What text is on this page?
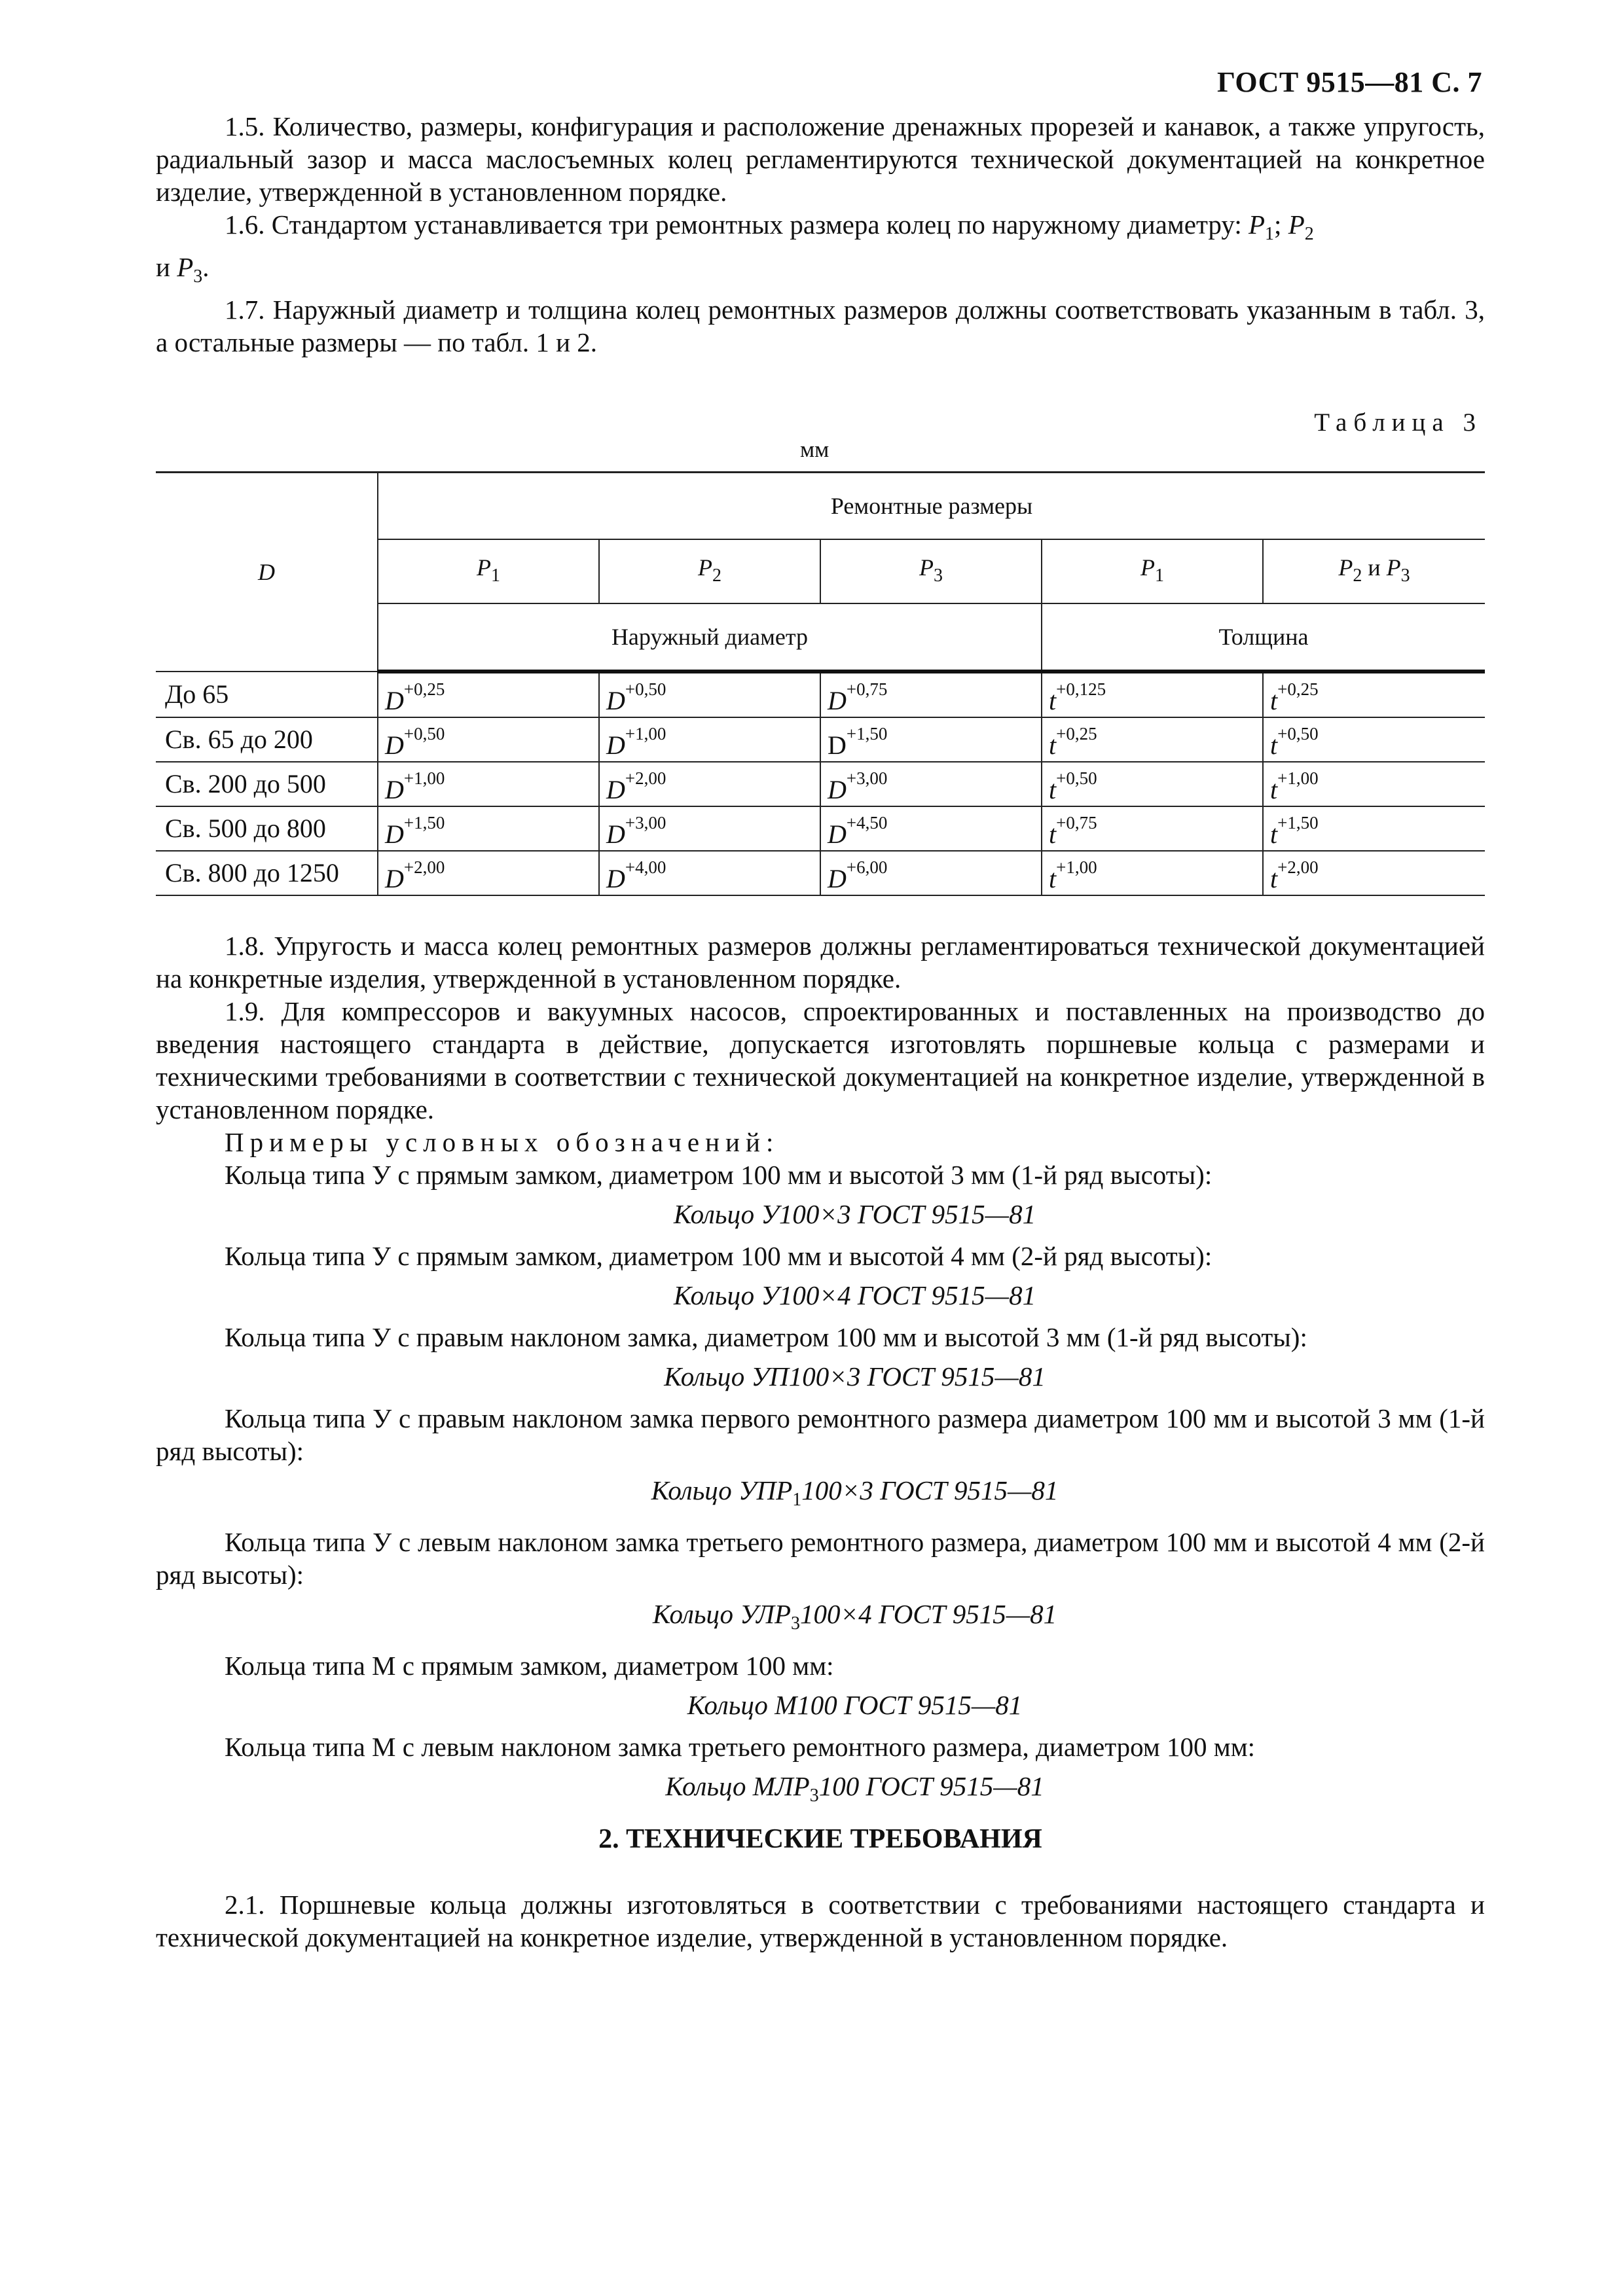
ГОСТ 9515—81 С. 7

1.5. Количество, размеры, конфигурация и расположение дренажных прорезей и канавок, а также упругость, радиальный зазор и масса маслосъемных колец регламентируются технической документацией на конкретное изделие, утвержденной в установленном порядке.

1.6. Стандартом устанавливается три ремонтных размера колец по наружному диаметру: $P_1$; $P_2$

и $P_3$.

1.7. Наружный диаметр и толщина колец ремонтных размеров должны соответствовать указанным в табл. 3, а остальные размеры — по табл. 1 и 2.

Таблица 3
мм
D	Ремонтные размеры				
	$P_1$	$P_2$	$P_3$	$P_1$	$P_2$ и $P_3$
	Наружный диаметр			Толщина	
До 65	$D^{+0,25}$	$D^{+0,50}$	$D^{+0,75}$	$t^{+0,125}$	$t^{+0,25}$
Св. 65 до 200	$D^{+0,50}$	$D^{+1,00}$	$D^{+1,50}$	$t^{+0,25}$	$t^{+0,50}$
Св. 200 до 500	$D^{+1,00}$	$D^{+2,00}$	$D^{+3,00}$	$t^{+0,50}$	$t^{+1,00}$
Св. 500 до 800	$D^{+1,50}$	$D^{+3,00}$	$D^{+4,50}$	$t^{+0,75}$	$t^{+1,50}$
Св. 800 до 1250	$D^{+2,00}$	$D^{+4,00}$	$D^{+6,00}$	$t^{+1,00}$	$t^{+2,00}$

1.8. Упругость и масса колец ремонтных размеров должны регламентироваться технической документацией на конкретные изделия, утвержденной в установленном порядке.

1.9. Для компрессоров и вакуумных насосов, спроектированных и поставленных на производство до введения настоящего стандарта в действие, допускается изготовлять поршневые кольца с размерами и техническими требованиями в соответствии с технической документацией на конкретное изделие, утвержденной в установленном порядке.

Примеры условных обозначений:

Кольца типа У с прямым замком, диаметром 100 мм и высотой 3 мм (1-й ряд высоты):

Кольцо У100×3 ГОСТ 9515—81

Кольца типа У с прямым замком, диаметром 100 мм и высотой 4 мм (2-й ряд высоты):

Кольцо У100×4 ГОСТ 9515—81

Кольца типа У с правым наклоном замка, диаметром 100 мм и высотой 3 мм (1-й ряд высоты):

Кольцо УП100×3 ГОСТ 9515—81

Кольца типа У с правым наклоном замка первого ремонтного размера диаметром 100 мм и высотой 3 мм (1-й ряд высоты):

Кольцо $УПР_1100\times 3$ ГОСТ 9515—81

Кольца типа У с левым наклоном замка третьего ремонтного размера, диаметром 100 мм и высотой 4 мм (2-й ряд высоты):

Кольцо $УЛР_3100\times 4$ ГОСТ 9515—81

Кольца типа М с прямым замком, диаметром 100 мм:

Кольцо М100 ГОСТ 9515—81

Кольца типа М с левым наклоном замка третьего ремонтного размера, диаметром 100 мм:

Кольцо $МЛР_3100$ ГОСТ 9515—81

2. ТЕХНИЧЕСКИЕ ТРЕБОВАНИЯ

2.1. Поршневые кольца должны изготовляться в соответствии с требованиями настоящего стандарта и технической документацией на конкретное изделие, утвержденной в установленном порядке.
